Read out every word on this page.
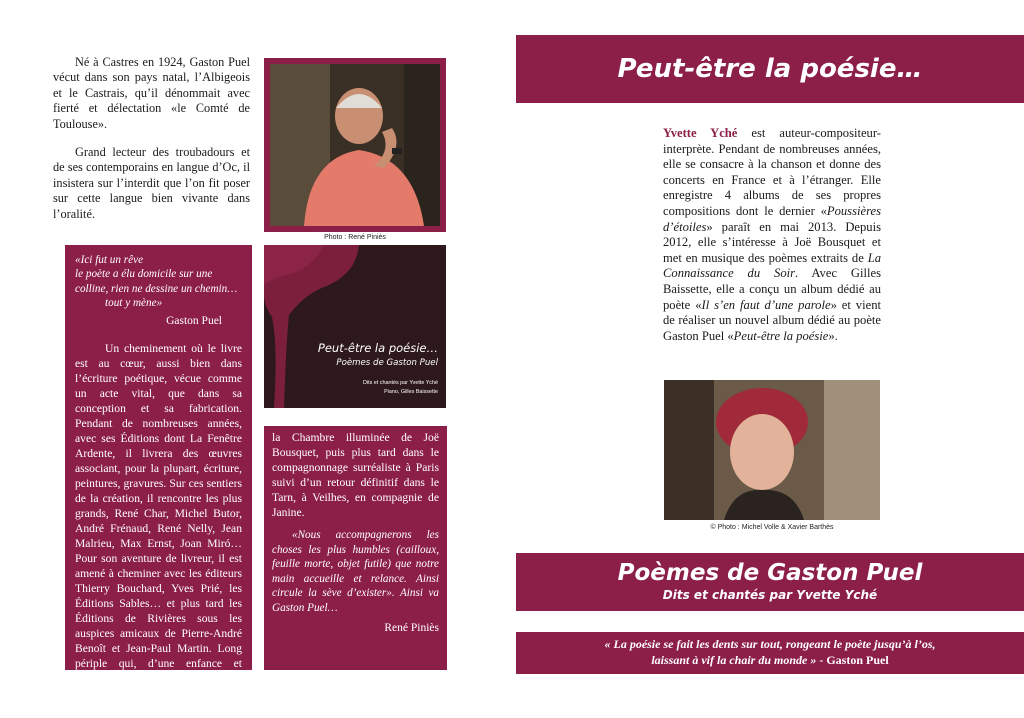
Né à Castres en 1924, Gaston Puel vécut dans son pays natal, l’Albigeois et le Castrais, qu’il dénommait avec fierté et délectation «le Comté de Toulouse».

Grand lecteur des troubadours et de ses contemporains en langue d’Oc, il insistera sur l’interdit que l’on fit poser sur cette langue bien vivante dans l’oralité.

Photo : René Piniès
«Ici fut un rêve
le poète a élu domicile sur une colline, rien ne dessine un chemin…
tout y mène»
Gaston Puel

Un cheminement où le livre est au cœur, aussi bien dans l’écriture poétique, vécue comme un acte vital, que dans sa conception et sa fabrication. Pendant de nombreuses années, avec ses Éditions dont La Fenêtre Ardente, il livrera des œuvres associant, pour la plupart, écriture, peintures, gravures. Sur ces sentiers de la création, il rencontre les plus grands, René Char, Michel Butor, André Frénaud, René Nelly, Jean Malrieu, Max Ernst, Joan Miró… Pour son aventure de livreur, il est amené à cheminer avec les éditeurs Thierry Bouchard, Yves Prié, les Éditions Sables… et plus tard les Éditions de Rivières sous les auspices amicaux de Pierre-André Benoît et Jean-Paul Martin. Long périple qui, d’une enfance et adolescence tarnaises, le conduit très vite à

Peut-être la poésie…
Poèmes de Gaston Puel
Dits et chantés par Yvette Yché
Piano, Gilles Baissette

la Chambre illuminée de Joë Bousquet, puis plus tard dans le compagnonnage surréaliste à Paris suivi d’un retour définitif dans le Tarn, à Veilhes, en compagnie de Janine.

«Nous accompagnerons les choses les plus humbles (cailloux, feuille morte, objet futile) que notre main accueille et relance. Ainsi circule la sève d’exister». Ainsi va Gaston Puel…

René Piniès
Peut-être la poésie…

Yvette Yché est auteur-compositeur-interprète. Pendant de nombreuses années, elle se consacre à la chanson et donne des concerts en France et à l’étranger. Elle enregistre 4 albums de ses propres compositions dont le dernier «Poussières d’étoiles» paraît en mai 2013. Depuis 2012, elle s’intéresse à Joë Bousquet et met en musique des poèmes extraits de La Connaissance du Soir. Avec Gilles Baissette, elle a conçu un album dédié au poète «Il s’en faut d’une parole» et vient de réaliser un nouvel album dédié au poète Gaston Puel «Peut-être la poésie».

© Photo : Michel Volle & Xavier Barthès
Poèmes de Gaston Puel
Dits et chantés par Yvette Yché
« La poésie se fait les dents sur tout, rongeant le poète jusqu’à l’os, laissant à vif la chair du monde » - Gaston Puel
